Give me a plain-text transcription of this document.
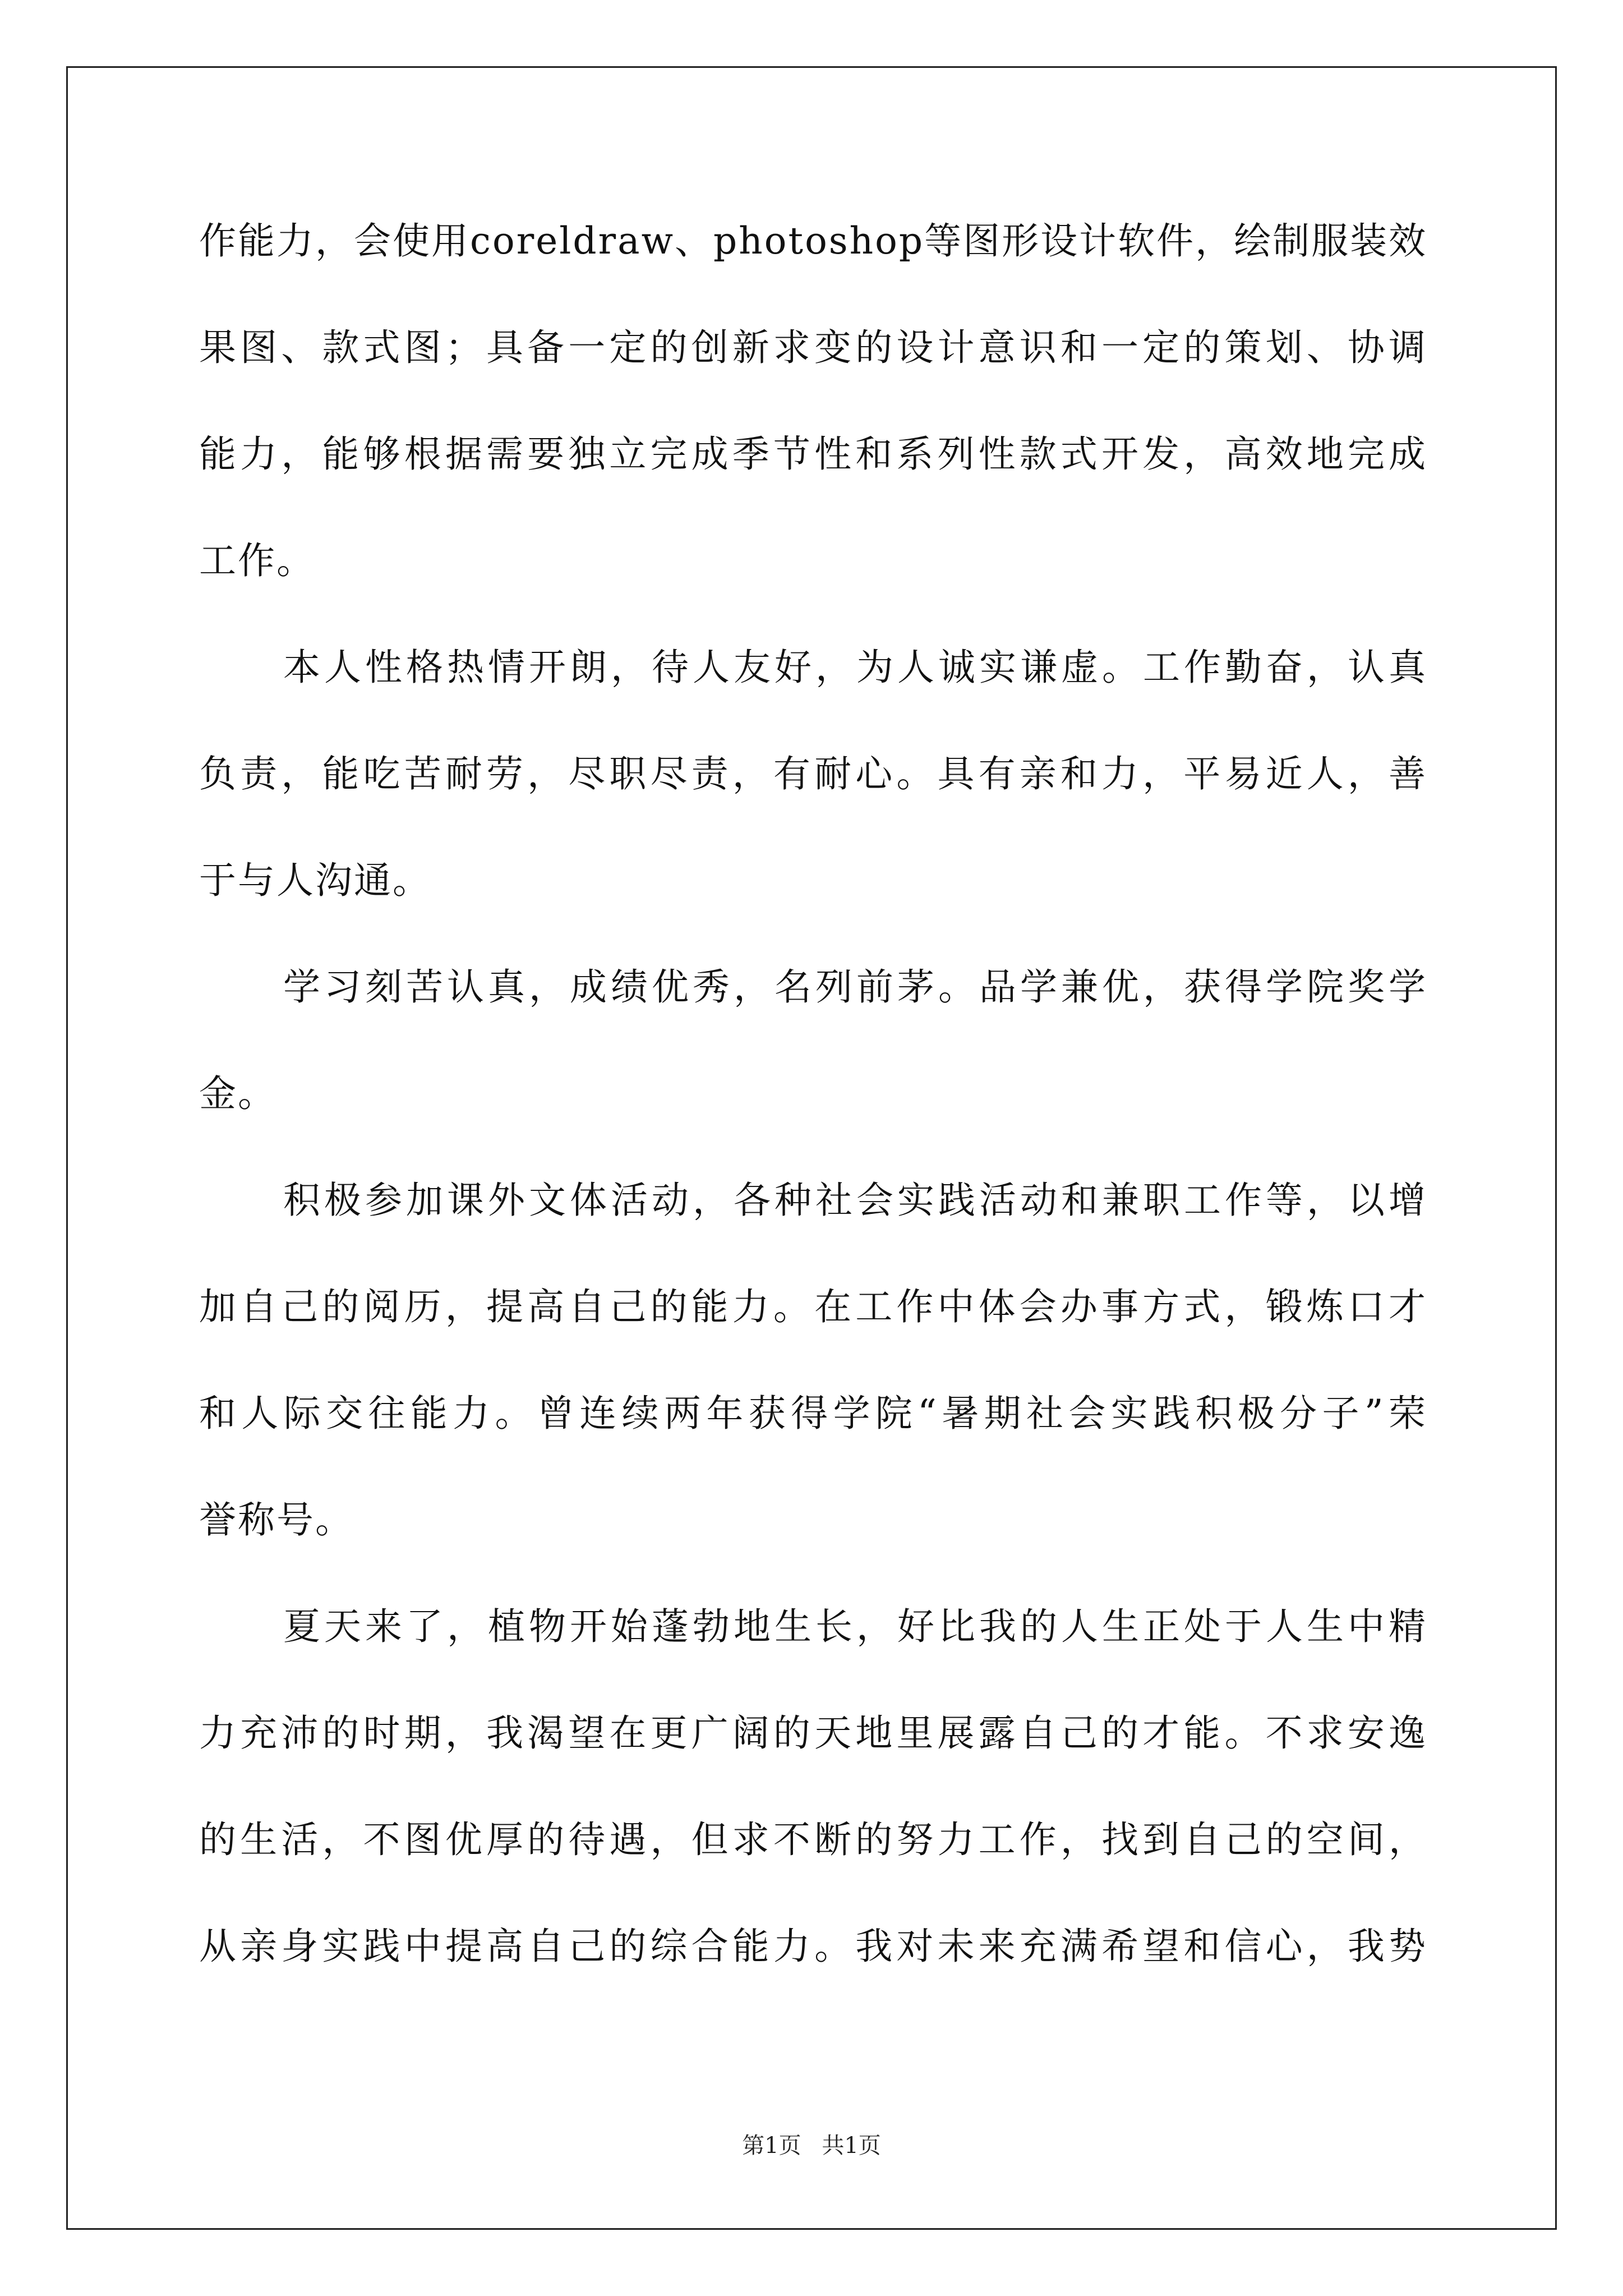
作能力，会使用coreldraw、photoshop等图形设计软件，绘制服装效
果图、款式图；具备一定的创新求变的设计意识和一定的策划、协调
能力，能够根据需要独立完成季节性和系列性款式开发，高效地完成
工作。
本人性格热情开朗，待人友好，为人诚实谦虚。工作勤奋，认真
负责，能吃苦耐劳，尽职尽责，有耐心。具有亲和力，平易近人，善
于与人沟通。
学习刻苦认真，成绩优秀，名列前茅。品学兼优，获得学院奖学
金。
积极参加课外文体活动，各种社会实践活动和兼职工作等，以增
加自己的阅历，提高自己的能力。在工作中体会办事方式，锻炼口才
和人际交往能力。曾连续两年获得学院“暑期社会实践积极分子”荣
誉称号。
夏天来了，植物开始蓬勃地生长，好比我的人生正处于人生中精
力充沛的时期，我渴望在更广阔的天地里展露自己的才能。不求安逸
的生活，不图优厚的待遇，但求不断的努力工作，找到自己的空间，
从亲身实践中提高自己的综合能力。我对未来充满希望和信心，我势
第1页 共1页
